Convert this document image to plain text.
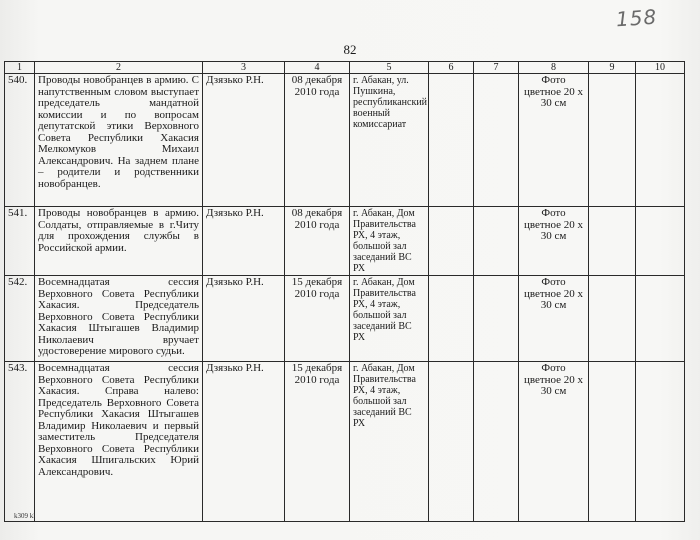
158
82
1	2	3	4	5	6	7	8	9	10
540.	Проводы новобранцев в армию. С напутственным словом выступает председатель мандатной комиссии и по вопросам депутатской этики Верховного Совета Республики Хакасия Мелкомуков Михаил Александрович. На заднем плане – родители и родственники новобранцев.	Дзязько Р.Н.	08 декабря 2010 года	г. Абакан, ул. Пушкина, республиканский военный комиссариат			Фото цветное 20 х 30 см		
541.	Проводы новобранцев в армию. Солдаты, отправляемые в г.Читу для прохождения службы в Российской армии.	Дзязько Р.Н.	08 декабря 2010 года	г. Абакан, Дом Правительства РХ, 4 этаж, большой зал заседаний ВС РХ			Фото цветное 20 х 30 см		
542.	Восемнадцатая сессия Верховного Совета Республики Хакасия. Председатель Верховного Совета Республики Хакасия Штыгашев Владимир Николаевич вручает удостоверение мирового судьи.	Дзязько Р.Н.	15 декабря 2010 года	г. Абакан, Дом Правительства РХ, 4 этаж, большой зал заседаний ВС РХ			Фото цветное 20 х 30 см		
543.	Восемнадцатая сессия Верховного Совета Республики Хакасия. Справа налево: Председатель Верховного Совета Республики Хакасия Штыгашев Владимир Николаевич и первый заместитель Председателя Верховного Совета Республики Хакасия Шпигальских Юрий Александрович.	Дзязько Р.Н.	15 декабря 2010 года	г. Абакан, Дом Правительства РХ, 4 этаж, большой зал заседаний ВС РХ			Фото цветное 20 х 30 см		
k309 kl
